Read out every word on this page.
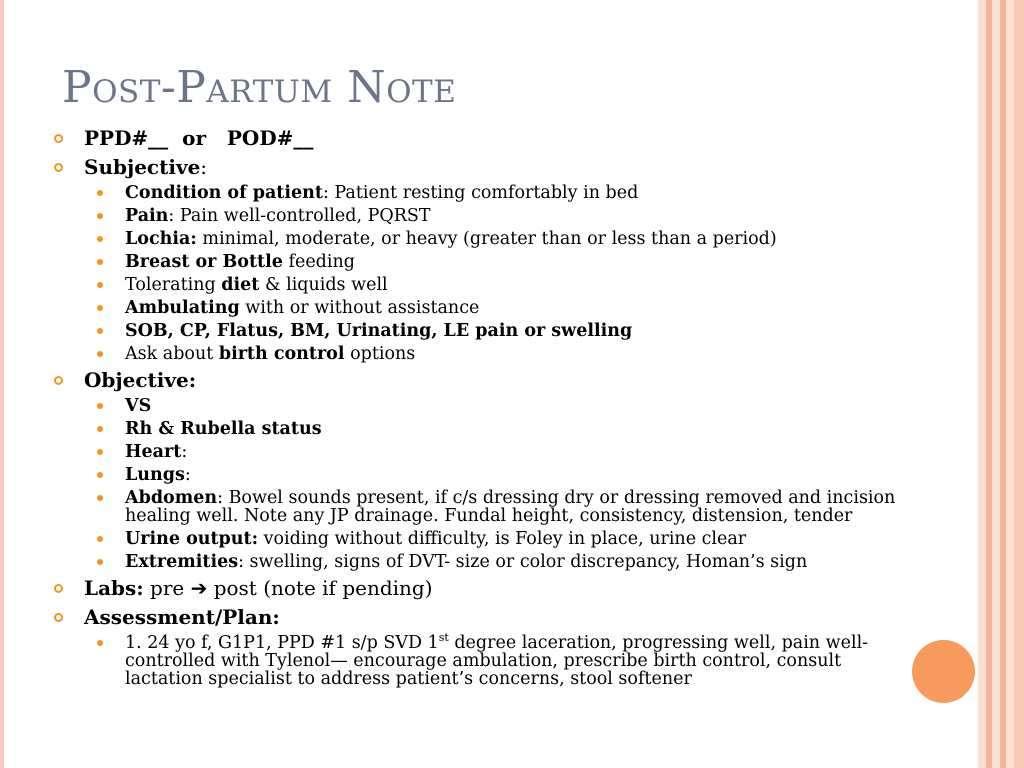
Post-Partum Note
PPD#__  or   POD#__
Subjective:
Condition of patient: Patient resting comfortably in bed
Pain: Pain well-controlled, PQRST
Lochia: minimal, moderate, or heavy (greater than or less than a period)
Breast or Bottle feeding
Tolerating diet & liquids well
Ambulating with or without assistance
SOB, CP, Flatus, BM, Urinating, LE pain or swelling
Ask about birth control options
Objective:
VS
Rh & Rubella status
Heart:
Lungs:
Abdomen: Bowel sounds present, if c/s dressing dry or dressing removed and incision healing well. Note any JP drainage. Fundal height, consistency, distension, tender
Urine output: voiding without difficulty, is Foley in place, urine clear
Extremities: swelling, signs of DVT- size or color discrepancy, Homan’s sign
Labs: pre ➔ post (note if pending)
Assessment/Plan:
1. 24 yo f, G1P1, PPD #1 s/p SVD 1st degree laceration, progressing well, pain well-controlled with Tylenol— encourage ambulation, prescribe birth control, consult lactation specialist to address patient’s concerns, stool softener
